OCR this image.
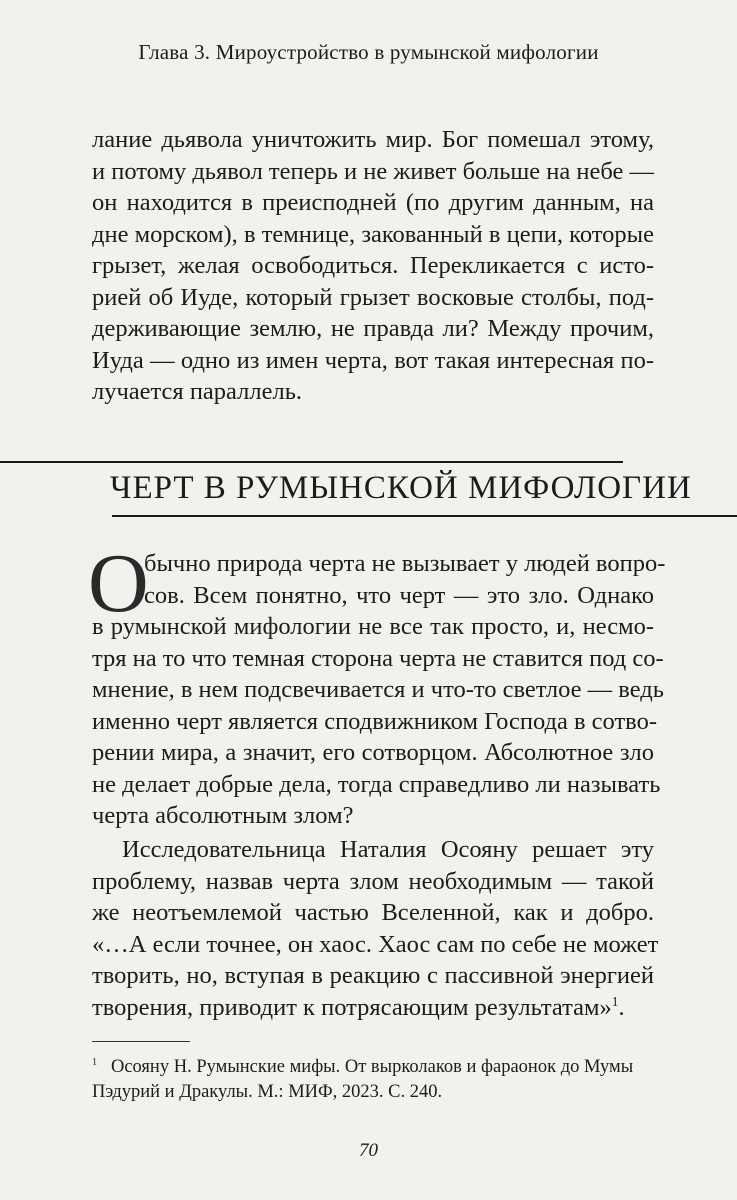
Глава 3. Мироустройство в румынской мифологии
лание дьявола уничтожить мир. Бог помешал этому,
и потому дьявол теперь и не живет больше на небе —
он находится в преисподней (по другим данным, на
дне морском), в темнице, закованный в цепи, которые
грызет, желая освободиться. Перекликается с исто-
рией об Иуде, который грызет восковые столбы, под-
держивающие землю, не правда ли? Между прочим,
Иуда — одно из имен черта, вот такая интересная по-
лучается параллель.
ЧЕРТ В РУМЫНСКОЙ МИФОЛОГИИ
О
бычно природа черта не вызывает у людей вопро-
сов. Всем понятно, что черт — это зло. Однако
в румынской мифологии не все так просто, и, несмо-
тря на то что темная сторона черта не ставится под со-
мнение, в нем подсвечивается и что-то светлое — ведь
именно черт является сподвижником Господа в сотво-
рении мира, а значит, его сотворцом. Абсолютное зло
не делает добрые дела, тогда справедливо ли называть
черта абсолютным злом?
Исследовательница Наталия Осояну решает эту
проблему, назвав черта злом необходимым — такой
же неотъемлемой частью Вселенной, как и добро.
«…А если точнее, он хаос. Хаос сам по себе не может
творить, но, вступая в реакцию с пассивной энергией
творения, приводит к потрясающим результатам»$^1$.
$^1$ Осояну Н. Румынские мифы. От вырколаков и фараонок до Мумы
Пэдурий и Дракулы. М.: МИФ, 2023. С. 240.
70
